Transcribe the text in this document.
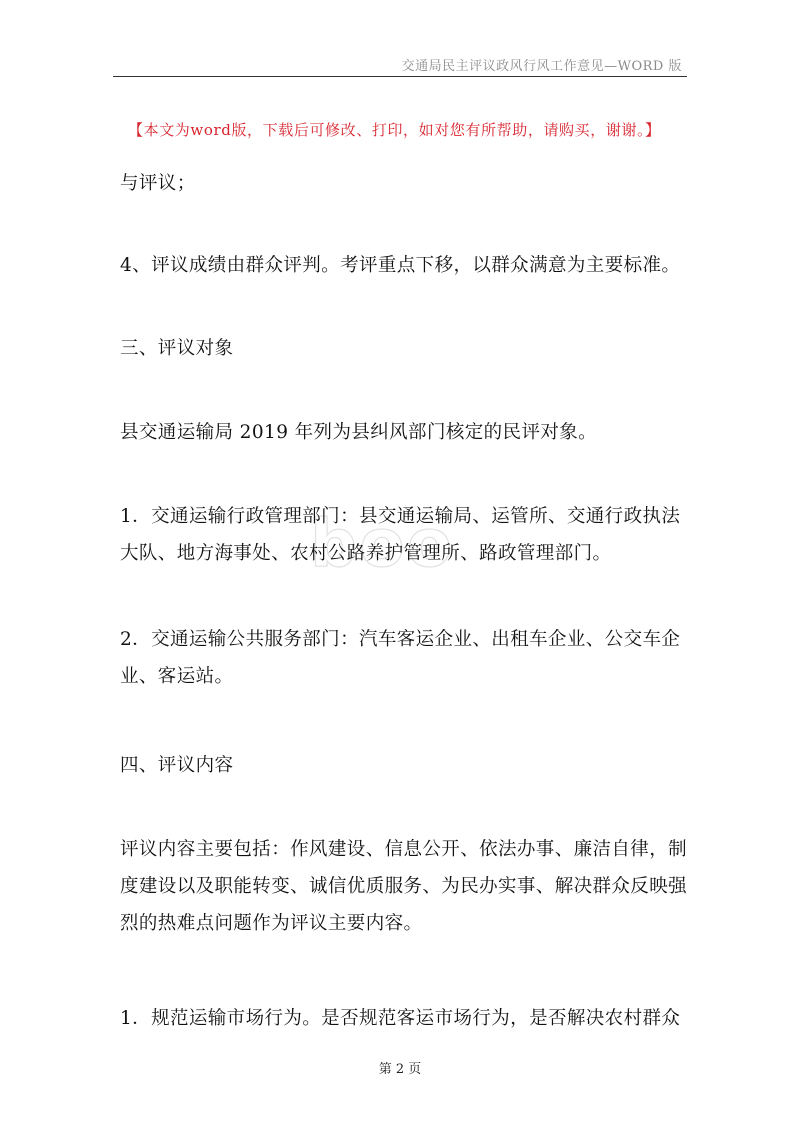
交通局民主评议政风行风工作意见—WORD 版
【本文为word版，下载后可修改、打印，如对您有所帮助，请购买，谢谢。】
boo
与评议；
4、评议成绩由群众评判。考评重点下移，以群众满意为主要标准。
三、评议对象
县交通运输局 2019 年列为县纠风部门核定的民评对象。
1．交通运输行政管理部门：县交通运输局、运管所、交通行政执法
大队、地方海事处、农村公路养护管理所、路政管理部门。
2．交通运输公共服务部门：汽车客运企业、出租车企业、公交车企
业、客运站。
四、评议内容
评议内容主要包括：作风建设、信息公开、依法办事、廉洁自律，制
度建设以及职能转变、诚信优质服务、为民办实事、解决群众反映强
烈的热难点问题作为评议主要内容。
1．规范运输市场行为。是否规范客运市场行为，是否解决农村群众
第 2 页
